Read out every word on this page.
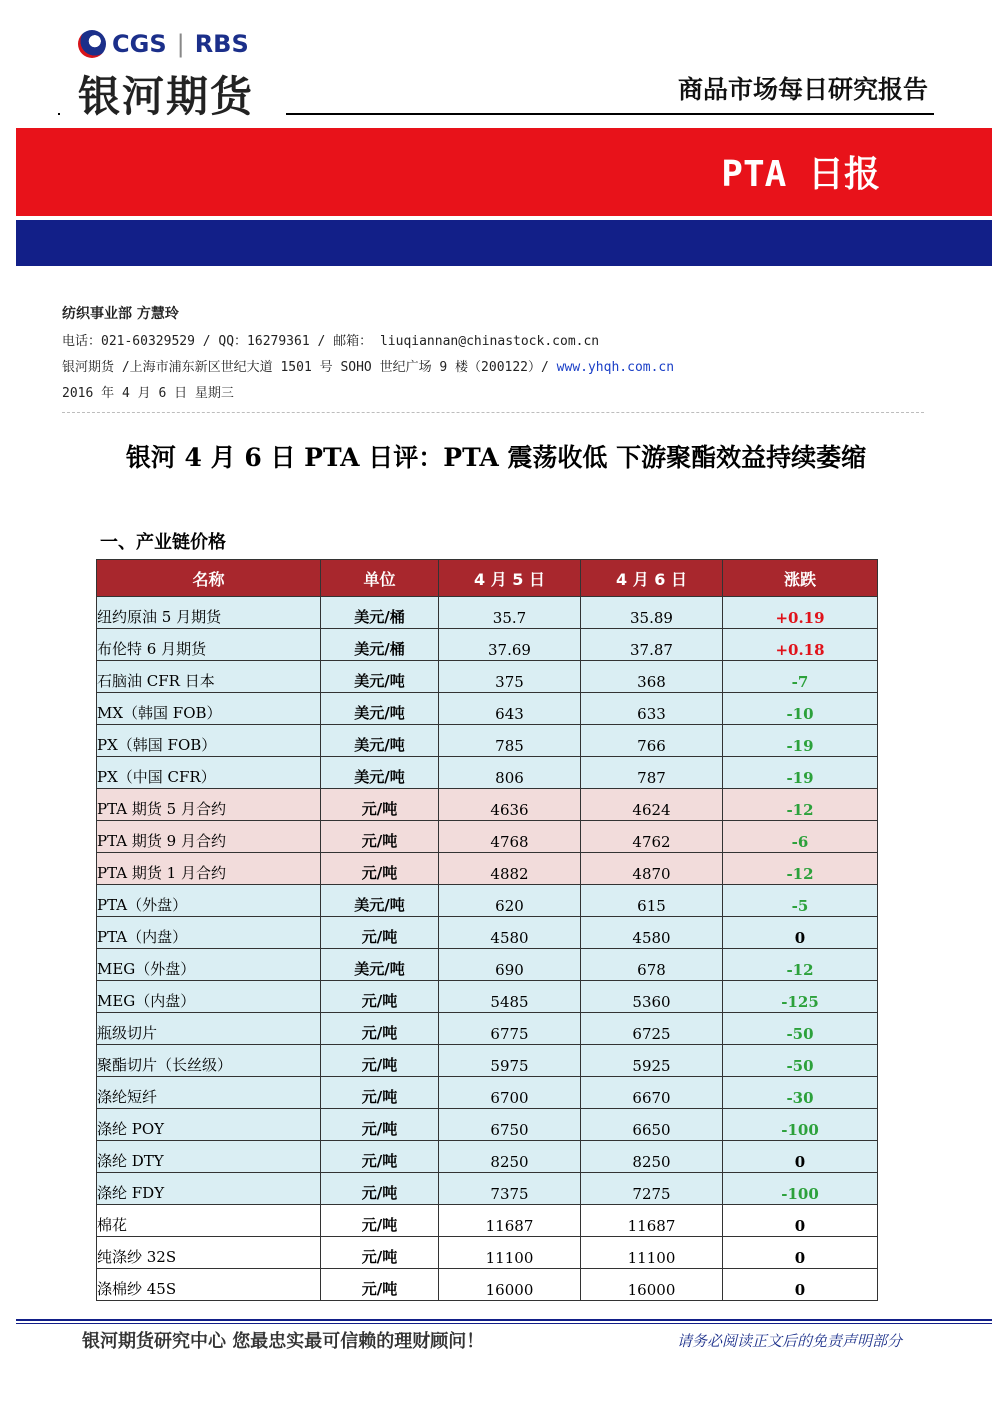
CGS | RBS
银河期货	商品市场每日研究报告
PTA 日报
纺织事业部 方慧玲
电话：021-60329529 / QQ：16279361 / 邮箱： liuqiannan@chinastock.com.cn
银河期货 /上海市浦东新区世纪大道 1501 号 SOHO 世纪广场 9 楼（200122）/ www.yhqh.com.cn
2016 年 4 月 6 日 星期三
银河 4 月 6 日 PTA 日评：PTA 震荡收低 下游聚酯效益持续萎缩
一、产业链价格
名称	单位	4 月 5 日	4 月 6 日	涨跌
纽约原油 5 月期货	美元/桶	35.7	35.89	+0.19
布伦特 6 月期货	美元/桶	37.69	37.87	+0.18
石脑油 CFR 日本	美元/吨	375	368	-7
MX（韩国 FOB）	美元/吨	643	633	-10
PX（韩国 FOB）	美元/吨	785	766	-19
PX（中国 CFR）	美元/吨	806	787	-19
PTA 期货 5 月合约	元/吨	4636	4624	-12
PTA 期货 9 月合约	元/吨	4768	4762	-6
PTA 期货 1 月合约	元/吨	4882	4870	-12
PTA（外盘）	美元/吨	620	615	-5
PTA（内盘）	元/吨	4580	4580	0
MEG（外盘）	美元/吨	690	678	-12
MEG（内盘）	元/吨	5485	5360	-125
瓶级切片	元/吨	6775	6725	-50
聚酯切片（长丝级）	元/吨	5975	5925	-50
涤纶短纤	元/吨	6700	6670	-30
涤纶 POY	元/吨	6750	6650	-100
涤纶 DTY	元/吨	8250	8250	0
涤纶 FDY	元/吨	7375	7275	-100
棉花	元/吨	11687	11687	0
纯涤纱 32S	元/吨	11100	11100	0
涤棉纱 45S	元/吨	16000	16000	0
银河期货研究中心 您最忠实最可信赖的理财顾问！	请务必阅读正文后的免责声明部分
